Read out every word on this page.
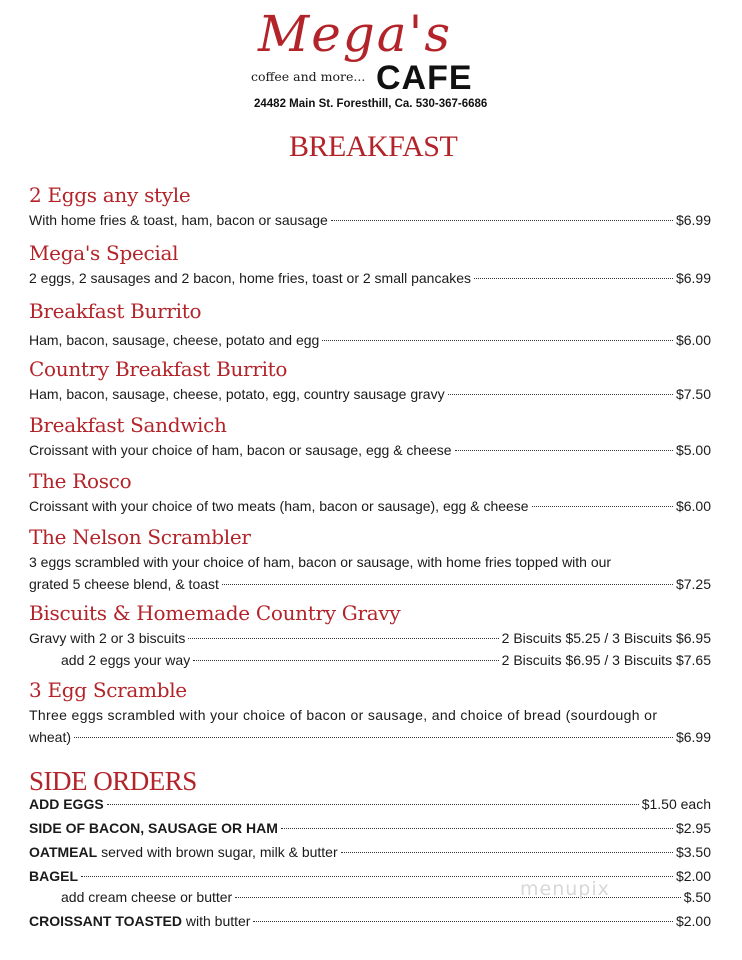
Mega's
coffee and more... CAFE
24482 Main St. Foresthill, Ca. 530-367-6686
BREAKFAST
2 Eggs any style
With home fries & toast, ham, bacon or sausage	$6.99
Mega's Special
2 eggs, 2 sausages and 2 bacon, home fries, toast or 2 small pancakes	$6.99
Breakfast Burrito
Ham, bacon, sausage, cheese, potato and egg	$6.00
Country Breakfast Burrito
Ham, bacon, sausage, cheese, potato, egg, country sausage gravy	$7.50
Breakfast Sandwich
Croissant with your choice of ham, bacon or sausage, egg & cheese	$5.00
The Rosco
Croissant with your choice of two meats (ham, bacon or sausage), egg & cheese	$6.00
The Nelson Scrambler
3 eggs scrambled with your choice of ham, bacon or sausage, with home fries topped with our
grated 5 cheese blend, & toast	$7.25
Biscuits & Homemade Country Gravy
Gravy with 2 or 3 biscuits	2 Biscuits $5.25 / 3 Biscuits $6.95
add 2 eggs your way	2 Biscuits $6.95 / 3 Biscuits $7.65
3 Egg Scramble
Three eggs scrambled with your choice of bacon or sausage, and choice of bread (sourdough or
wheat)	$6.99
SIDE ORDERS
ADD EGGS	$1.50 each
SIDE OF BACON, SAUSAGE OR HAM	$2.95
OATMEAL served with brown sugar, milk & butter	$3.50
BAGEL	$2.00
add cream cheese or butter	$.50
CROISSANT TOASTED with butter	$2.00
menupix
